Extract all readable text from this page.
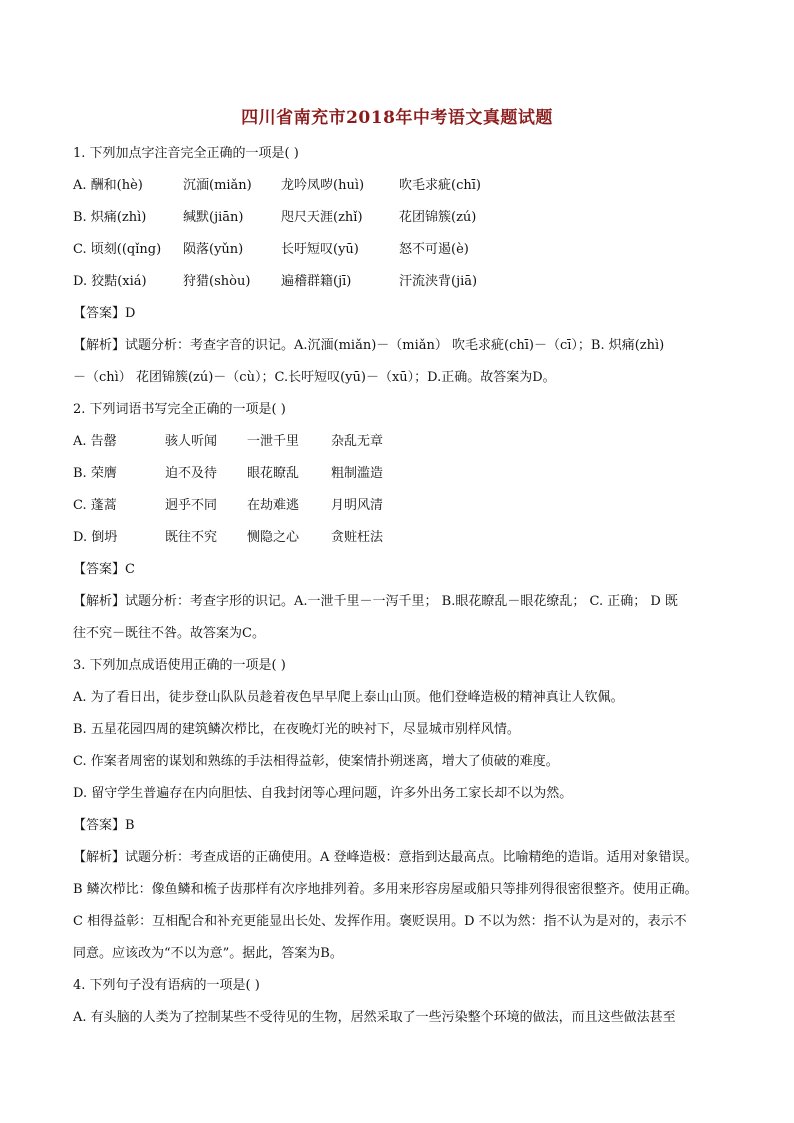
四川省南充市2018年中考语文真题试题
1. 下列加点字注音完全正确的一项是( )
A. 酬和(hè)	沉湎(miǎn) 龙吟凤哕(huì)	吹毛求疵(chī)
B. 炽痛(zhì)	缄默(jiān)	咫尺天涯(zhǐ)	花团锦簇(zú)
C. 顷刻((qǐng) 陨落(yǔn)	长吁短叹(yū)	怒不可遏(è)
D. 狡黠(xiá)	狩猎(shòu) 遍稽群籍(jī)	汗流浃背(jiā)
【答案】D
【解析】试题分析：考查字音的识记。A.沉湎(miǎn)－（miǎn） 吹毛求疵(chī)－（cī）；B. 炽痛(zhì)
－（chì） 花团锦簇(zú)－（cù）；C.长吁短叹(yū)－（xū）；D.正确。故答案为D。
2. 下列词语书写完全正确的一项是( )
A. 告罄	骇人听闻 一泄千里 杂乱无章
B. 荣膺	迫不及待 眼花瞭乱 粗制滥造
C. 蓬蒿	迥乎不同 在劫难逃 月明风清
D. 倒坍	既往不究 恻隐之心 贪赃枉法
【答案】C
【解析】试题分析：考查字形的识记。A.一泄千里－一泻千里； B.眼花瞭乱－眼花缭乱； C. 正确； D 既
往不究－既往不咎。故答案为C。
3. 下列加点成语使用正确的一项是( )
A. 为了看日出，徒步登山队队员趁着夜色早早爬上泰山山顶。他们登峰造极的精神真让人钦佩。
B. 五星花园四周的建筑鳞次栉比，在夜晚灯光的映衬下，尽显城市别样风情。
C. 作案者周密的谋划和熟练的手法相得益彰，使案情扑朔迷离，增大了侦破的难度。
D. 留守学生普遍存在内向胆怯、自我封闭等心理问题，许多外出务工家长却不以为然。
【答案】B
【解析】试题分析：考查成语的正确使用。A 登峰造极：意指到达最高点。比喻精绝的造诣。适用对象错误。
B 鳞次栉比：像鱼鳞和梳子齿那样有次序地排列着。多用来形容房屋或船只等排列得很密很整齐。使用正确。
C 相得益彰：互相配合和补充更能显出长处、发挥作用。褒贬误用。D 不以为然：指不认为是对的，表示不
同意。应该改为“不以为意”。据此，答案为B。
4. 下列句子没有语病的一项是( )
A. 有头脑的人类为了控制某些不受待见的生物，居然采取了一些污染整个环境的做法，而且这些做法甚至
